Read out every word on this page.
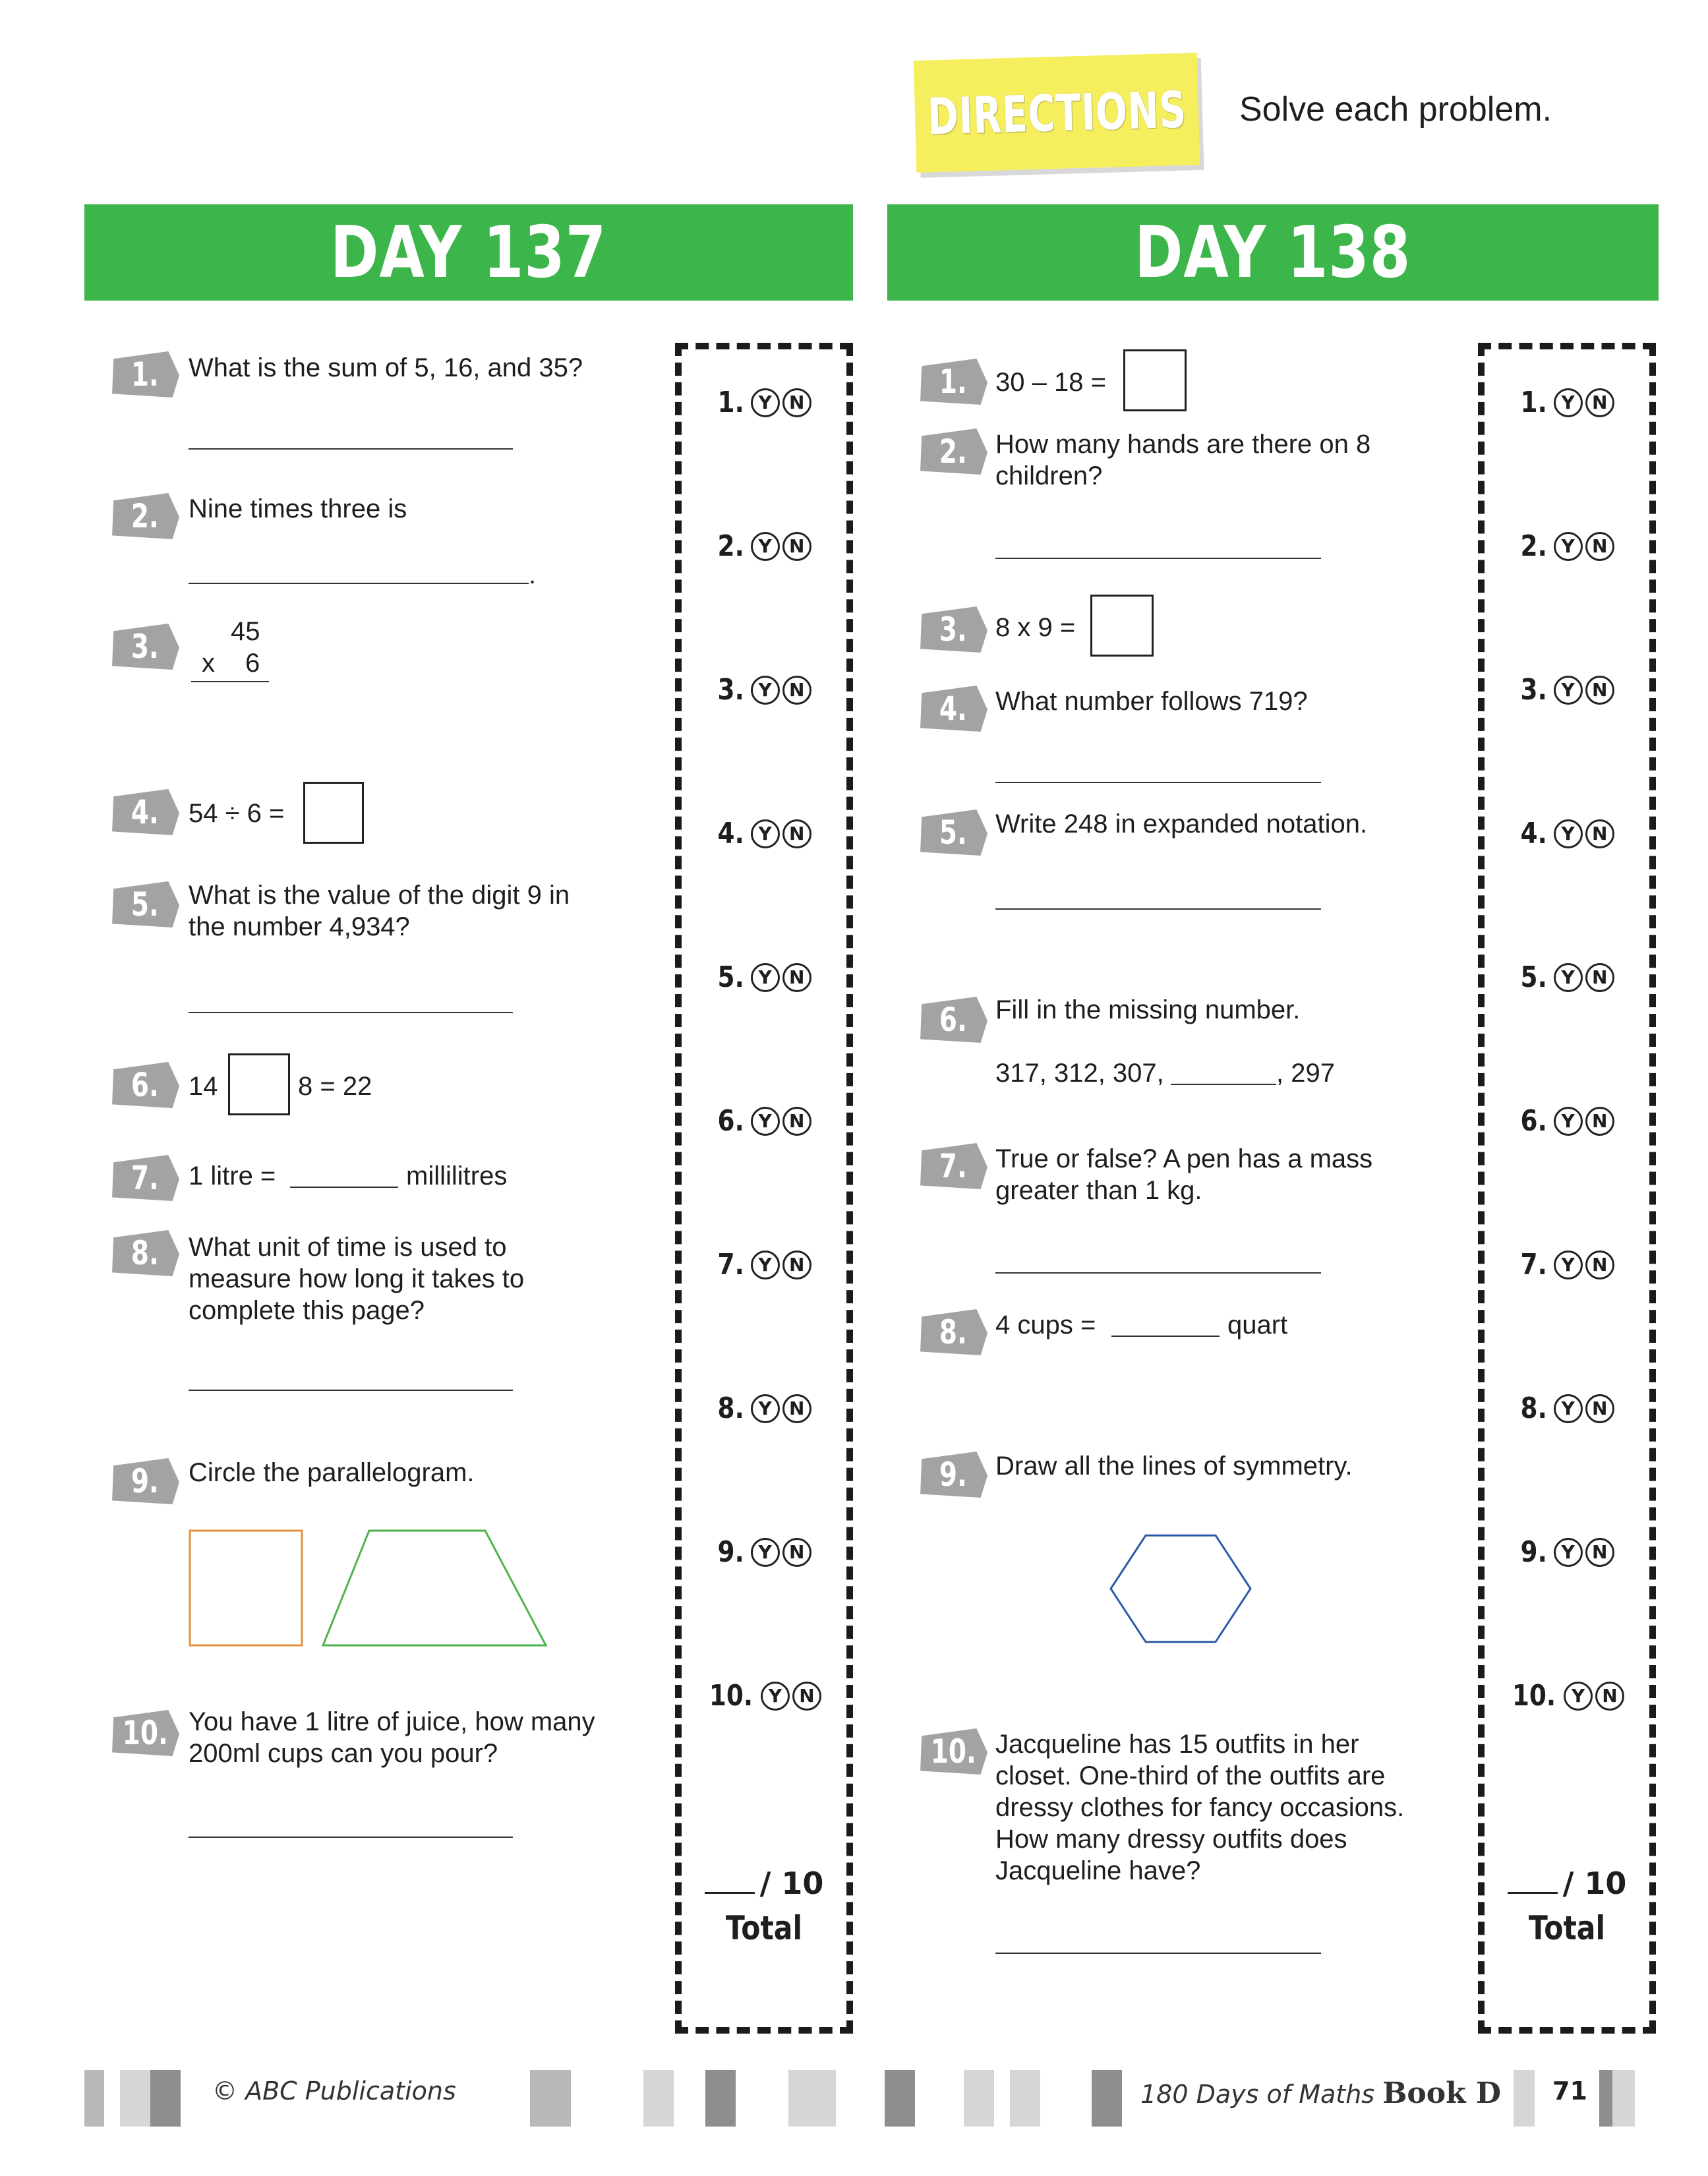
DIRECTIONS Solve each problem.
DAY 137	DAY 138
1. What is the sum of 5, 16, and 35?
2. Nine times three is
.
3.	45
x 6
4. 54 ÷ 6 =
5. What is the value of the digit 9 in
the number 4,934?
6. 14	8 = 22
7. 1 litre =	millilitres
8. What unit of time is used to
measure how long it takes to
complete this page?
9. Circle the parallelogram.
10. You have 1 litre of juice, how many
200ml cups can you pour?
1. Y N
2. Y N
3. Y N
4. Y N
5. Y N
6. Y N
7. Y N
8. Y N
9. Y N
10. Y N
/ 10
Total
1. 30 – 18 =
2. How many hands are there on 8
children?
3. 8 x 9 =
4. What number follows 719?
5. Write 248 in expanded notation.
6. Fill in the missing number.
317, 312, 307,	, 297
7. True or false? A pen has a mass
greater than 1 kg.
8. 4 cups =	quart
9. Draw all the lines of symmetry.
10. Jacqueline has 15 outfits in her
closet. One-third of the outfits are
dressy clothes for fancy occasions.
How many dressy outfits does
Jacqueline have?
1. Y N
2. Y N
3. Y N
4. Y N
5. Y N
6. Y N
7. Y N
8. Y N
9. Y N
10. Y N
/ 10
Total
© ABC Publications	180 Days of Maths Book D 71
